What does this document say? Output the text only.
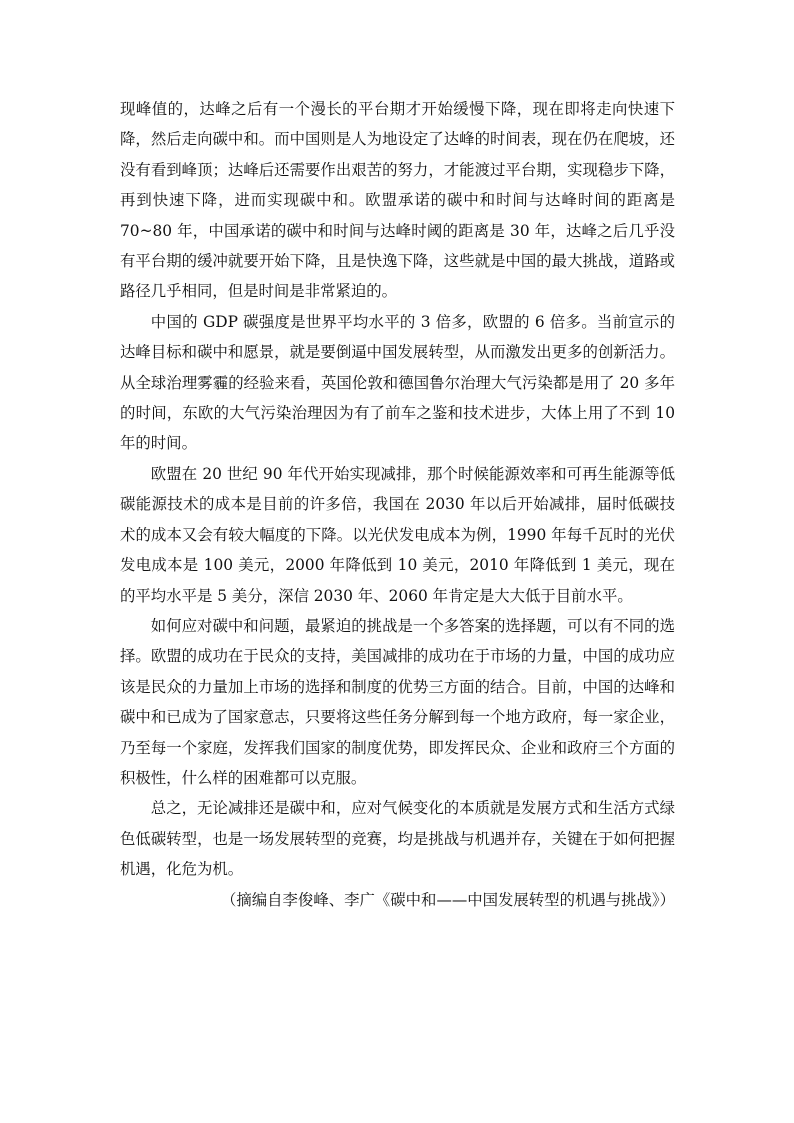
现峰值的，达峰之后有一个漫长的平台期才开始缓慢下降，现在即将走向快速下降，然后走向碳中和。而中国则是人为地设定了达峰的时间表，现在仍在爬坡，还没有看到峰顶；达峰后还需要作出艰苦的努力，才能渡过平台期，实现稳步下降，再到快速下降，进而实现碳中和。欧盟承诺的碳中和时间与达峰时间的距离是 70~80 年，中国承诺的碳中和时间与达峰时阈的距离是 30 年，达峰之后几乎没有平台期的缓冲就要开始下降，且是快逸下降，这些就是中国的最大挑战，道路或路径几乎相同，但是时间是非常紧迫的。

中国的 GDP 碳强度是世界平均水平的 3 倍多，欧盟的 6 倍多。当前宣示的达峰目标和碳中和愿景，就是要倒逼中国发展转型，从而激发出更多的创新活力。从全球治理雾霾的经验来看，英国伦敦和德国鲁尔治理大气污染都是用了 20 多年的时间，东欧的大气污染治理因为有了前车之鉴和技术进步，大体上用了不到 10 年的时间。

欧盟在 20 世纪 90 年代开始实现减排，那个时候能源效率和可再生能源等低碳能源技术的成本是目前的许多倍，我国在 2030 年以后开始减排，届时低碳技术的成本又会有较大幅度的下降。以光伏发电成本为例，1990 年每千瓦时的光伏发电成本是 100 美元，2000 年降低到 10 美元，2010 年降低到 1 美元，现在的平均水平是 5 美分，深信 2030 年、2060 年肯定是大大低于目前水平。

如何应对碳中和问题，最紧迫的挑战是一个多答案的选择题，可以有不同的选择。欧盟的成功在于民众的支持，美国减排的成功在于市场的力量，中国的成功应该是民众的力量加上市场的选择和制度的优势三方面的结合。目前，中国的达峰和碳中和已成为了国家意志，只要将这些任务分解到每一个地方政府，每一家企业，乃至每一个家庭，发挥我们国家的制度优势，即发挥民众、企业和政府三个方面的积极性，什么样的困难都可以克服。

总之，无论减排还是碳中和，应对气候变化的本质就是发展方式和生活方式绿色低碳转型，也是一场发展转型的竞赛，均是挑战与机遇并存，关键在于如何把握机遇，化危为机。

（摘编自李俊峰、李广《碳中和——中国发展转型的机遇与挑战》）
